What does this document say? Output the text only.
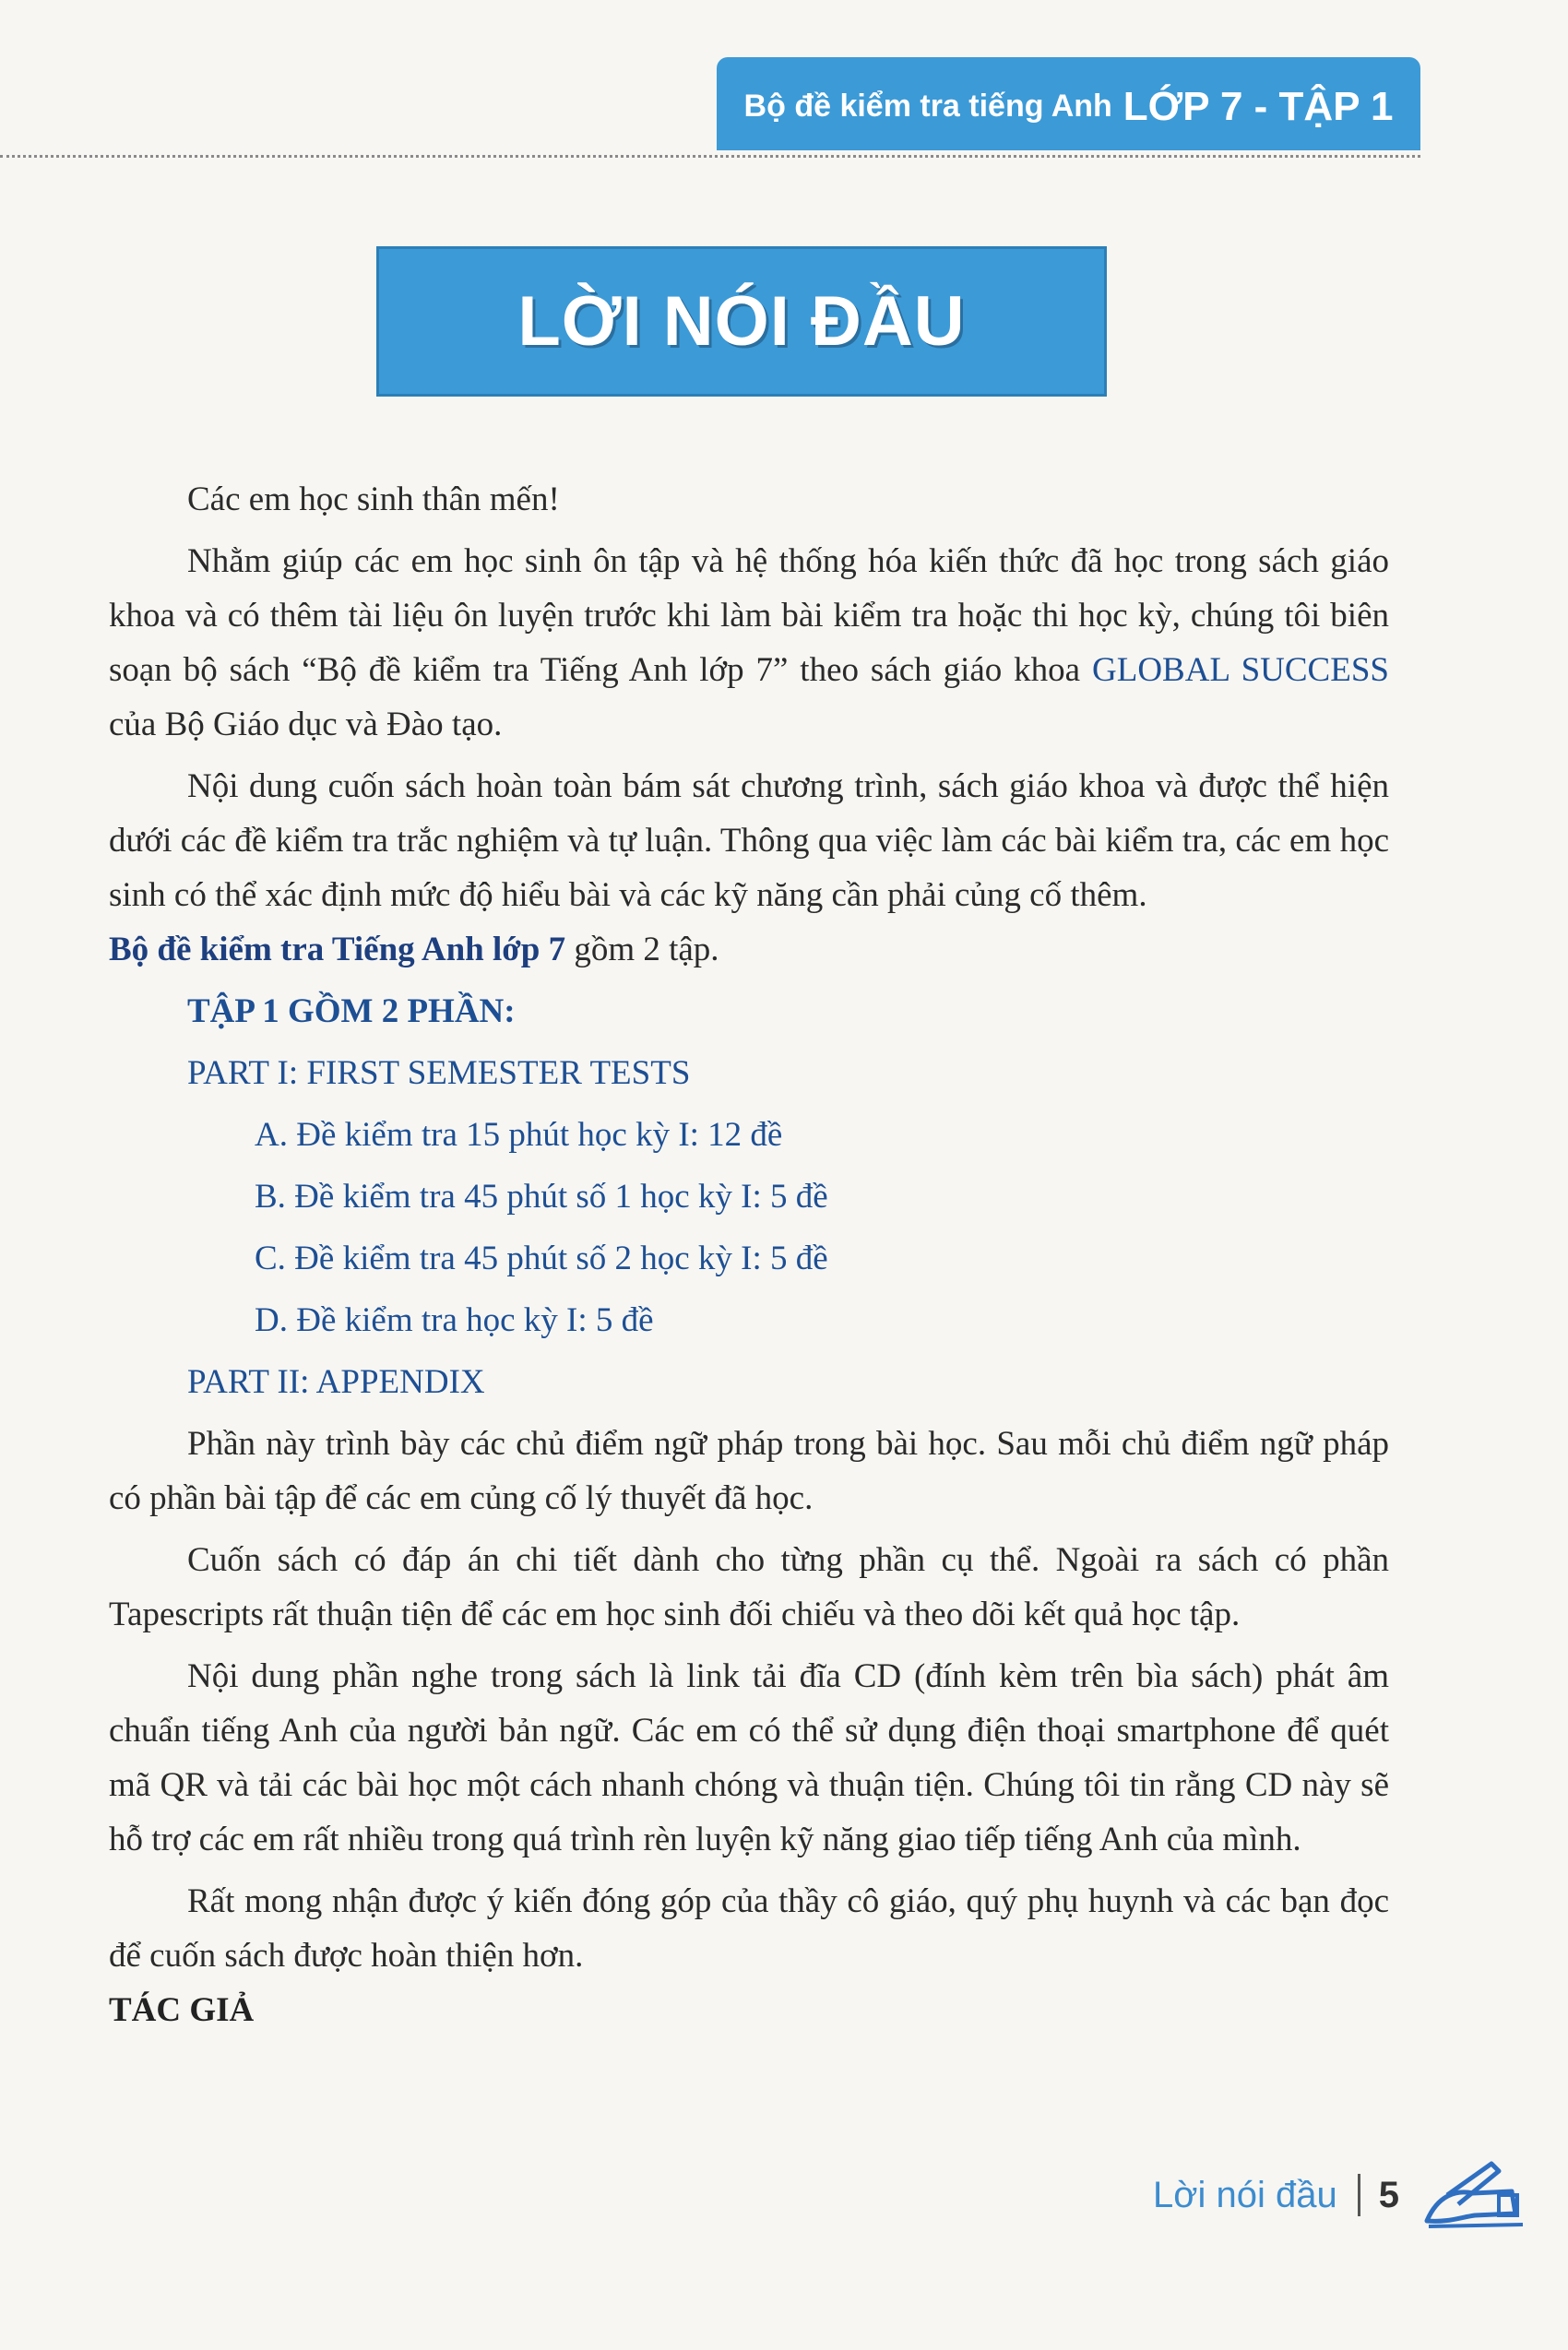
Bộ đề kiểm tra tiếng Anh LỚP 7 - TẬP 1
LỜI NÓI ĐẦU

Các em học sinh thân mến!

Nhằm giúp các em học sinh ôn tập và hệ thống hóa kiến thức đã học trong sách giáo khoa và có thêm tài liệu ôn luyện trước khi làm bài kiểm tra hoặc thi học kỳ, chúng tôi biên soạn bộ sách “Bộ đề kiểm tra Tiếng Anh lớp 7” theo sách giáo khoa GLOBAL SUCCESS của Bộ Giáo dục và Đào tạo.

Nội dung cuốn sách hoàn toàn bám sát chương trình, sách giáo khoa và được thể hiện dưới các đề kiểm tra trắc nghiệm và tự luận. Thông qua việc làm các bài kiểm tra, các em học sinh có thể xác định mức độ hiểu bài và các kỹ năng cần phải củng cố thêm.

Bộ đề kiểm tra Tiếng Anh lớp 7 gồm 2 tập.

TẬP 1 GỒM 2 PHẦN:

PART I: FIRST SEMESTER TESTS

A. Đề kiểm tra 15 phút học kỳ I: 12 đề

B. Đề kiểm tra 45 phút số 1 học kỳ I: 5 đề

C. Đề kiểm tra 45 phút số 2 học kỳ I: 5 đề

D. Đề kiểm tra học kỳ I: 5 đề

PART II: APPENDIX

Phần này trình bày các chủ điểm ngữ pháp trong bài học. Sau mỗi chủ điểm ngữ pháp có phần bài tập để các em củng cố lý thuyết đã học.

Cuốn sách có đáp án chi tiết dành cho từng phần cụ thể. Ngoài ra sách có phần Tapescripts rất thuận tiện để các em học sinh đối chiếu và theo dõi kết quả học tập.

Nội dung phần nghe trong sách là link tải đĩa CD (đính kèm trên bìa sách) phát âm chuẩn tiếng Anh của người bản ngữ. Các em có thể sử dụng điện thoại smartphone để quét mã QR và tải các bài học một cách nhanh chóng và thuận tiện. Chúng tôi tin rằng CD này sẽ hỗ trợ các em rất nhiều trong quá trình rèn luyện kỹ năng giao tiếp tiếng Anh của mình.

Rất mong nhận được ý kiến đóng góp của thầy cô giáo, quý phụ huynh và các bạn đọc để cuốn sách được hoàn thiện hơn.

TÁC GIẢ

Lời nói đầu 5
